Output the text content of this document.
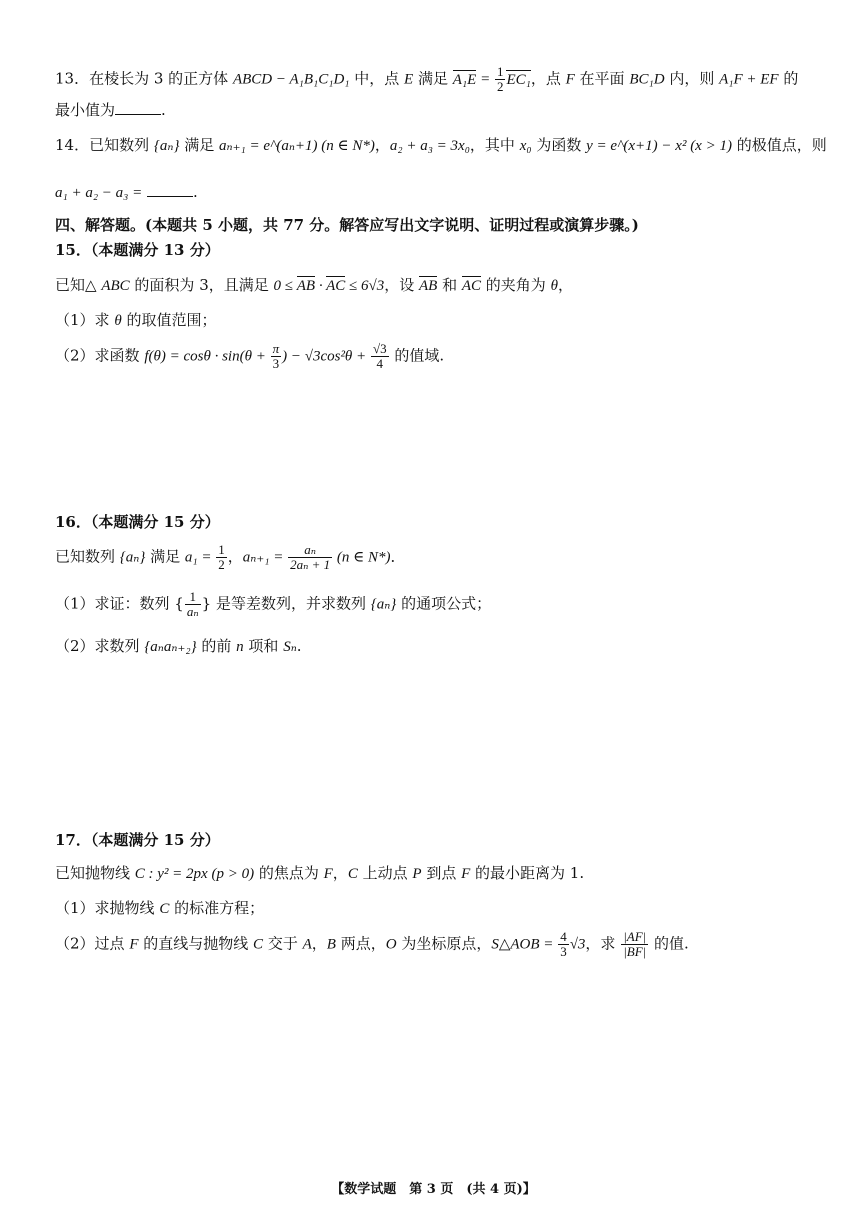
13．在棱长为 3 的正方体 ABCD − A₁B₁C₁D₁ 中，点 E 满足 $A_1E = \frac{1}{2} EC_1$，点 F 在平面 BC₁D 内，则 A₁F + EF 的
最小值为	.
14．已知数列 {aₙ} 满足 aₙ₊₁ = e^(aₙ+1) (n ∈ N*)，a₂ + a₃ = 3x₀，其中 x₀ 为函数 y = e^(x+1) − x² (x > 1) 的极值点，则
a₁ + a₂ − a₃ =	.
四、解答题。(本题共 5 小题，共 77 分。解答应写出文字说明、证明过程或演算步骤。)
15．（本题满分 13 分）
已知△ ABC 的面积为 3，且满足 0 ≤ AB · AC ≤ 6√3，设 AB 和 AC 的夹角为 θ，
（1）求 θ 的取值范围；
（2）求函数 $f(\theta) = \cos\theta \cdot \sin(\theta + \frac{\pi}{3}$ ) − $√3\cos^2\theta + \frac{√3}{4}$ 的值域.
16．（本题满分 15 分）
已知数列 {aₙ} 满足 $a_1 = \frac{1}{2}$ ，$a_{n+1} = \frac{\text{aₙ}}{\text{2aₙ + 1}} (n$ ∈ N*)．
（1）求证：数列 { $\frac{1}{\text{aₙ}}$ } 是等差数列，并求数列 {aₙ} 的通项公式；
（2）求数列 {aₙaₙ₊₂} 的前 n 项和 Sₙ.
17．（本题满分 15 分）
已知抛物线 C : y² = 2px (p > 0) 的焦点为 F，C 上动点 P 到点 F 的最小距离为 1.
（1）求抛物线 C 的标准方程；
（2）过点 F 的直线与抛物线 C 交于 A，B 两点，O 为坐标原点，S△AOB = $\frac{4}{3} √3$，求 $\frac{|AF|}{|BF|}$ 的值.
【数学试题　第 3 页　(共 4 页)】
